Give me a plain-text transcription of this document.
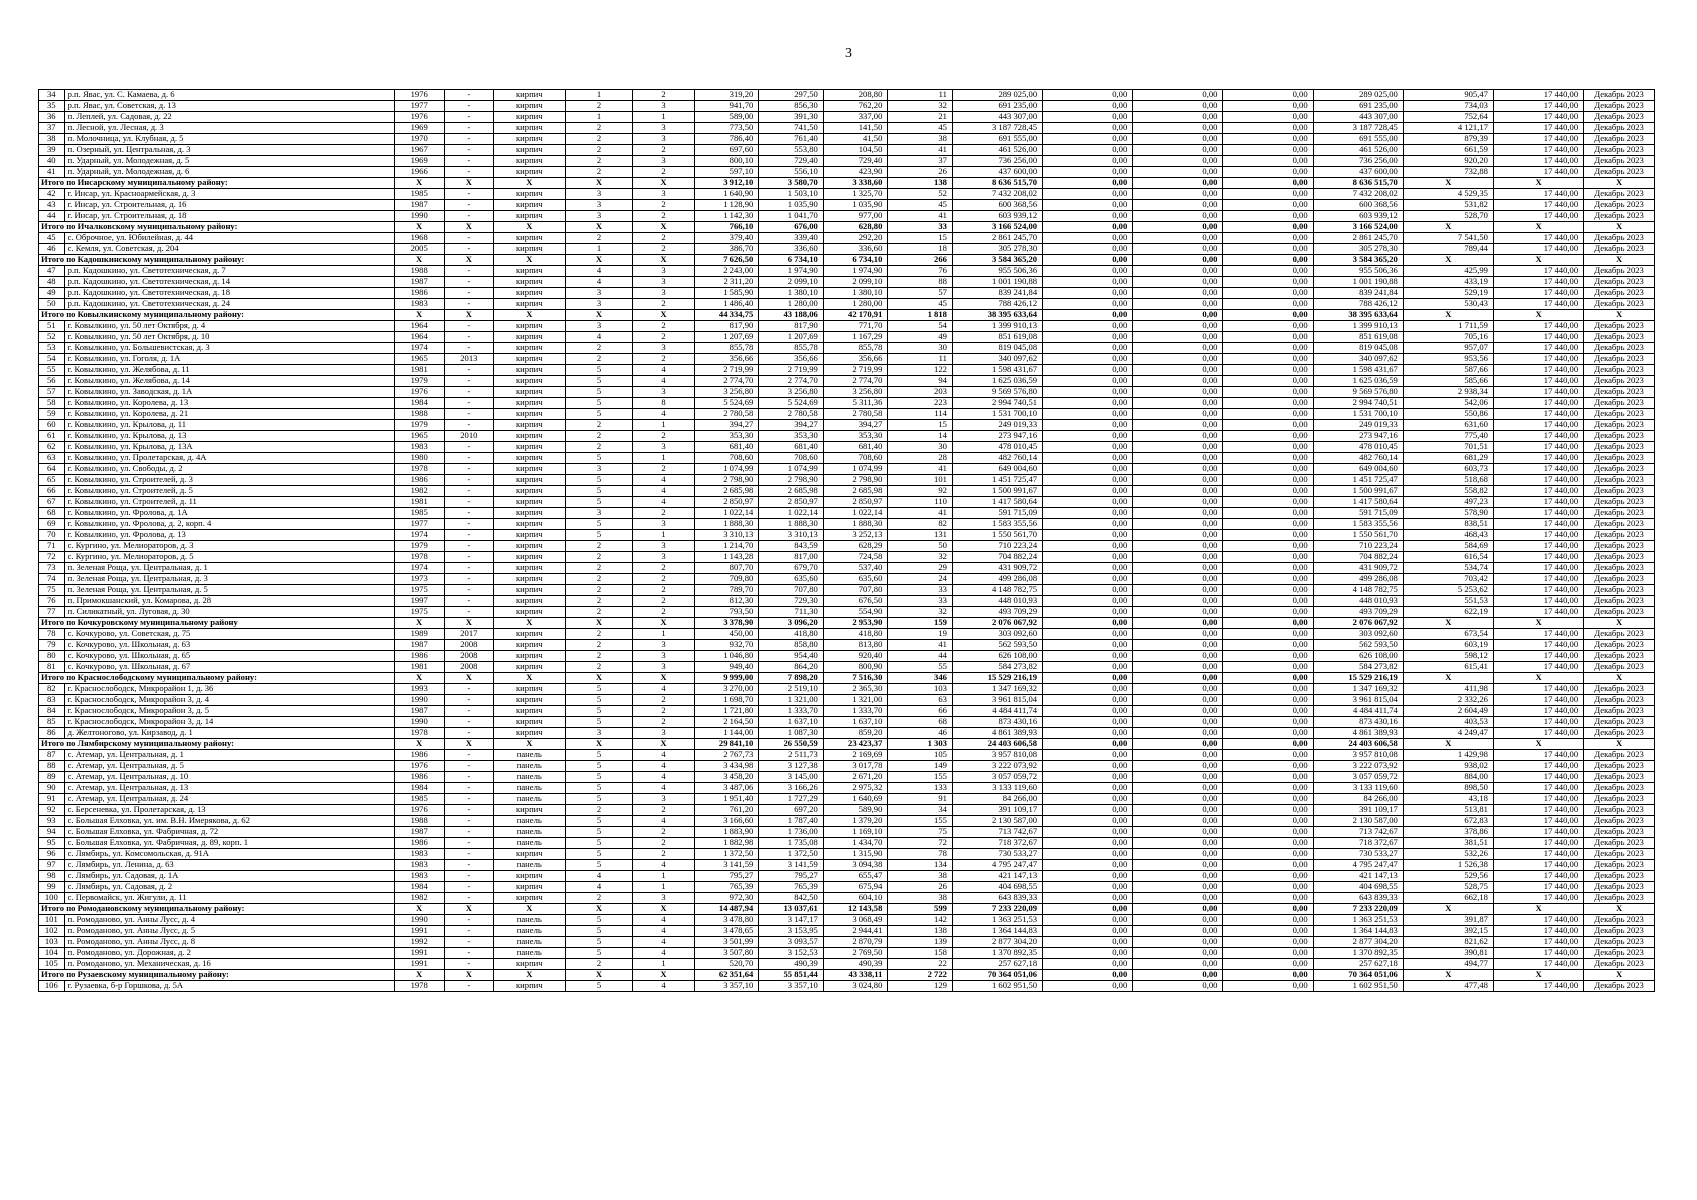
3
34	р.п. Явас, ул. С. Камаева, д. 6	1976	-	кирпич	1	2	319,20	297,50	208,80	11	289 025,00	0,00	0,00	0,00	289 025,00	905,47	17 440,00	Декабрь 2023
35	р.п. Явас, ул. Советская, д. 13	1977	-	кирпич	2	3	941,70	856,30	762,20	32	691 235,00	0,00	0,00	0,00	691 235,00	734,03	17 440,00	Декабрь 2023
36	п. Леплей, ул. Садовая, д. 22	1976	-	кирпич	1	1	589,00	391,30	337,00	21	443 307,00	0,00	0,00	0,00	443 307,00	752,64	17 440,00	Декабрь 2023
37	п. Лесной, ул. Лесная, д. 3	1969	-	кирпич	2	3	773,50	741,50	141,50	45	3 187 728,45	0,00	0,00	0,00	3 187 728,45	4 121,17	17 440,00	Декабрь 2023
38	п. Молочница, ул. Клубная, д. 5	1970	-	кирпич	2	3	786,40	761,40	41,50	38	691 555,00	0,00	0,00	0,00	691 555,00	879,39	17 440,00	Декабрь 2023
39	п. Озерный, ул. Центральная, д. 3	1967	-	кирпич	2	2	697,60	553,80	104,50	41	461 526,00	0,00	0,00	0,00	461 526,00	661,59	17 440,00	Декабрь 2023
40	п. Ударный, ул. Молодежная, д. 5	1969	-	кирпич	2	3	800,10	729,40	729,40	37	736 256,00	0,00	0,00	0,00	736 256,00	920,20	17 440,00	Декабрь 2023
41	п. Ударный, ул. Молодежная, д. 6	1966	-	кирпич	2	2	597,10	556,10	423,90	26	437 600,00	0,00	0,00	0,00	437 600,00	732,88	17 440,00	Декабрь 2023
Итого по Инсарскому муниципальному району:		Х	Х	Х	Х	Х	3 912,10	3 580,70	3 338,60	138	8 636 515,70	0,00	0,00	0,00	8 636 515,70	Х	Х	Х
42	г. Инсар, ул. Красноармейская, д. 3	1985	-	кирпич	3	3	1 640,90	1 503,10	1 325,70	52	7 432 208,02	0,00	0,00	0,00	7 432 208,02	4 529,35	17 440,00	Декабрь 2023
43	г. Инсар, ул. Строительная, д. 16	1987	-	кирпич	3	2	1 128,90	1 035,90	1 035,90	45	600 368,56	0,00	0,00	0,00	600 368,56	531,82	17 440,00	Декабрь 2023
44	г. Инсар, ул. Строительная, д. 18	1990	-	кирпич	3	2	1 142,30	1 041,70	977,00	41	603 939,12	0,00	0,00	0,00	603 939,12	528,70	17 440,00	Декабрь 2023
Итого по Ичалковскому муниципальному району:		Х	Х	Х	Х	Х	766,10	676,00	628,80	33	3 166 524,00	0,00	0,00	0,00	3 166 524,00	Х	Х	Х
45	с. Оброчное, ул. Юбилейная, д. 44	1968	-	кирпич	2	2	379,40	339,40	292,20	15	2 861 245,70	0,00	0,00	0,00	2 861 245,70	7 541,50	17 440,00	Декабрь 2023
46	с. Кемля, ул. Советская, д. 204	2005	-	кирпич	1	2	386,70	336,60	336,60	18	305 278,30	0,00	0,00	0,00	305 278,30	789,44	17 440,00	Декабрь 2023
Итого по Кадошкинскому муниципальному району:		Х	Х	Х	Х	Х	7 626,50	6 734,10	6 734,10	266	3 584 365,20	0,00	0,00	0,00	3 584 365,20	Х	Х	Х
47	р.п. Кадошкино, ул. Светотехническая, д. 7	1988	-	кирпич	4	3	2 243,00	1 974,90	1 974,90	76	955 506,36	0,00	0,00	0,00	955 506,36	425,99	17 440,00	Декабрь 2023
48	р.п. Кадошкино, ул. Светотехническая, д. 14	1987	-	кирпич	4	3	2 311,20	2 099,10	2 099,10	88	1 001 190,88	0,00	0,00	0,00	1 001 190,88	433,19	17 440,00	Декабрь 2023
49	р.п. Кадошкино, ул. Светотехническая, д. 18	1986	-	кирпич	3	3	1 585,90	1 380,10	1 380,10	57	839 241,84	0,00	0,00	0,00	839 241,84	529,19	17 440,00	Декабрь 2023
50	р.п. Кадошкино, ул. Светотехническая, д. 24	1983	-	кирпич	3	2	1 486,40	1 280,00	1 280,00	45	788 426,12	0,00	0,00	0,00	788 426,12	530,43	17 440,00	Декабрь 2023
Итого по Ковылкинскому муниципальному району:		Х	Х	Х	Х	Х	44 334,75	43 188,06	42 170,91	1 818	38 395 633,64	0,00	0,00	0,00	38 395 633,64	Х	Х	Х
51	г. Ковылкино, ул. 50 лет Октября, д. 4	1964	-	кирпич	3	2	817,90	817,90	771,70	54	1 399 910,13	0,00	0,00	0,00	1 399 910,13	1 711,59	17 440,00	Декабрь 2023
52	г. Ковылкино, ул. 50 лет Октября, д. 10	1964	-	кирпич	4	2	1 207,69	1 207,69	1 167,29	49	851 619,08	0,00	0,00	0,00	851 619,08	705,16	17 440,00	Декабрь 2023
53	г. Ковылкино, ул. Большевистская, д. 3	1974	-	кирпич	2	3	855,78	855,78	855,78	30	819 045,08	0,00	0,00	0,00	819 045,08	957,07	17 440,00	Декабрь 2023
54	г. Ковылкино, ул. Гоголя, д. 1А	1965	2013	кирпич	2	2	356,66	356,66	356,66	11	340 097,62	0,00	0,00	0,00	340 097,62	953,56	17 440,00	Декабрь 2023
55	г. Ковылкино, ул. Желябова, д. 11	1981	-	кирпич	5	4	2 719,99	2 719,99	2 719,99	122	1 598 431,67	0,00	0,00	0,00	1 598 431,67	587,66	17 440,00	Декабрь 2023
56	г. Ковылкино, ул. Желябова, д. 14	1979	-	кирпич	5	4	2 774,70	2 774,70	2 774,70	94	1 625 036,59	0,00	0,00	0,00	1 625 036,59	585,66	17 440,00	Декабрь 2023
57	г. Ковылкино, ул. Заводская, д. 1А	1976	-	кирпич	5	3	3 256,80	3 256,80	3 256,80	203	9 569 576,80	0,00	0,00	0,00	9 569 576,80	2 938,34	17 440,00	Декабрь 2023
58	г. Ковылкино, ул. Королева, д. 13	1984	-	кирпич	5	8	5 524,69	5 524,69	5 311,36	223	2 994 740,51	0,00	0,00	0,00	2 994 740,51	542,06	17 440,00	Декабрь 2023
59	г. Ковылкино, ул. Королева, д. 21	1988	-	кирпич	5	4	2 780,58	2 780,58	2 780,58	114	1 531 700,10	0,00	0,00	0,00	1 531 700,10	550,86	17 440,00	Декабрь 2023
60	г. Ковылкино, ул. Крылова, д. 11	1979	-	кирпич	2	1	394,27	394,27	394,27	15	249 019,33	0,00	0,00	0,00	249 019,33	631,60	17 440,00	Декабрь 2023
61	г. Ковылкино, ул. Крылова, д. 13	1965	2010	кирпич	2	2	353,30	353,30	353,30	14	273 947,16	0,00	0,00	0,00	273 947,16	775,40	17 440,00	Декабрь 2023
62	г. Ковылкино, ул. Крылова, д. 13А	1983	-	кирпич	2	3	681,40	681,40	681,40	30	478 010,45	0,00	0,00	0,00	478 010,45	701,51	17 440,00	Декабрь 2023
63	г. Ковылкино, ул. Пролетарская, д. 4А	1980	-	кирпич	5	1	708,60	708,60	708,60	28	482 760,14	0,00	0,00	0,00	482 760,14	681,29	17 440,00	Декабрь 2023
64	г. Ковылкино, ул. Свободы, д. 2	1978	-	кирпич	3	2	1 074,99	1 074,99	1 074,99	41	649 004,60	0,00	0,00	0,00	649 004,60	603,73	17 440,00	Декабрь 2023
65	г. Ковылкино, ул. Строителей, д. 3	1986	-	кирпич	5	4	2 798,90	2 798,90	2 798,90	101	1 451 725,47	0,00	0,00	0,00	1 451 725,47	518,68	17 440,00	Декабрь 2023
66	г. Ковылкино, ул. Строителей, д. 5	1982	-	кирпич	5	4	2 685,98	2 685,98	2 685,98	92	1 500 991,67	0,00	0,00	0,00	1 500 991,67	558,82	17 440,00	Декабрь 2023
67	г. Ковылкино, ул. Строителей, д. 11	1981	-	кирпич	5	4	2 850,97	2 850,97	2 850,97	110	1 417 580,64	0,00	0,00	0,00	1 417 580,64	497,23	17 440,00	Декабрь 2023
68	г. Ковылкино, ул. Фролова, д. 1А	1985	-	кирпич	3	2	1 022,14	1 022,14	1 022,14	41	591 715,09	0,00	0,00	0,00	591 715,09	578,90	17 440,00	Декабрь 2023
69	г. Ковылкино, ул. Фролова, д. 2, корп. 4	1977	-	кирпич	5	3	1 888,30	1 888,30	1 888,30	82	1 583 355,56	0,00	0,00	0,00	1 583 355,56	838,51	17 440,00	Декабрь 2023
70	г. Ковылкино, ул. Фролова, д. 13	1974	-	кирпич	5	1	3 310,13	3 310,13	3 252,13	131	1 550 561,70	0,00	0,00	0,00	1 550 561,70	468,43	17 440,00	Декабрь 2023
71	с. Кургино, ул. Мелиораторов, д. 3	1979	-	кирпич	2	3	1 214,70	843,59	628,29	50	710 223,24	0,00	0,00	0,00	710 223,24	584,69	17 440,00	Декабрь 2023
72	с. Кургино, ул. Мелиораторов, д. 5	1978	-	кирпич	2	3	1 143,28	817,00	724,58	32	704 882,24	0,00	0,00	0,00	704 882,24	616,54	17 440,00	Декабрь 2023
73	п. Зеленая Роща, ул. Центральная, д. 1	1974	-	кирпич	2	2	807,70	679,70	537,40	29	431 909,72	0,00	0,00	0,00	431 909,72	534,74	17 440,00	Декабрь 2023
74	п. Зеленая Роща, ул. Центральная, д. 3	1973	-	кирпич	2	2	709,80	635,60	635,60	24	499 286,08	0,00	0,00	0,00	499 286,08	703,42	17 440,00	Декабрь 2023
75	п. Зеленая Роща, ул. Центральная, д. 5	1975	-	кирпич	2	2	789,70	707,80	707,80	33	4 148 782,75	0,00	0,00	0,00	4 148 782,75	5 253,62	17 440,00	Декабрь 2023
76	п. Примокшанский, ул. Комарова, д. 28	1997	-	кирпич	2	2	812,30	729,30	676,50	33	448 010,93	0,00	0,00	0,00	448 010,93	551,53	17 440,00	Декабрь 2023
77	п. Силикатный, ул. Луговая, д. 30	1975	-	кирпич	2	2	793,50	711,30	554,90	32	493 709,29	0,00	0,00	0,00	493 709,29	622,19	17 440,00	Декабрь 2023
Итого по Кочкуровскому муниципальному району		Х	Х	Х	Х	Х	3 378,90	3 096,20	2 953,90	159	2 076 067,92	0,00	0,00	0,00	2 076 067,92	Х	Х	Х
78	с. Кочкурово, ул. Советская, д. 75	1989	2017	кирпич	2	1	450,00	418,80	418,80	19	303 092,60	0,00	0,00	0,00	303 092,60	673,54	17 440,00	Декабрь 2023
79	с. Кочкурово, ул. Школьная, д. 63	1987	2008	кирпич	2	3	932,70	858,80	813,80	41	562 593,50	0,00	0,00	0,00	562 593,50	603,19	17 440,00	Декабрь 2023
80	с. Кочкурово, ул. Школьная, д. 65	1986	2008	кирпич	2	3	1 046,80	954,40	920,40	44	626 108,00	0,00	0,00	0,00	626 108,00	598,12	17 440,00	Декабрь 2023
81	с. Кочкурово, ул. Школьная, д. 67	1981	2008	кирпич	2	3	949,40	864,20	800,90	55	584 273,82	0,00	0,00	0,00	584 273,82	615,41	17 440,00	Декабрь 2023
Итого по Краснослободскому муниципальному району:		Х	Х	Х	Х	Х	9 999,00	7 898,20	7 516,30	346	15 529 216,19	0,00	0,00	0,00	15 529 216,19	Х	Х	Х
82	г. Краснослободск, Микрорайон 1, д. 36	1993	-	кирпич	5	4	3 270,00	2 519,10	2 365,30	103	1 347 169,32	0,00	0,00	0,00	1 347 169,32	411,98	17 440,00	Декабрь 2023
83	г. Краснослободск, Микрорайон 3, д. 4	1990	-	кирпич	5	2	1 698,70	1 321,00	1 321,00	63	3 961 815,04	0,00	0,00	0,00	3 961 815,04	2 332,26	17 440,00	Декабрь 2023
84	г. Краснослободск, Микрорайон 3, д. 5	1987	-	кирпич	5	2	1 721,80	1 333,70	1 333,70	66	4 484 411,74	0,00	0,00	0,00	4 484 411,74	2 604,49	17 440,00	Декабрь 2023
85	г. Краснослободск, Микрорайон 3, д. 14	1990	-	кирпич	5	2	2 164,50	1 637,10	1 637,10	68	873 430,16	0,00	0,00	0,00	873 430,16	403,53	17 440,00	Декабрь 2023
86	д. Желтоногово, ул. Кирзавод, д. 1	1978	-	кирпич	3	3	1 144,00	1 087,30	859,20	46	4 861 389,93	0,00	0,00	0,00	4 861 389,93	4 249,47	17 440,00	Декабрь 2023
Итого по Лямбирскому муниципальному району:		Х	Х	Х	Х	Х	29 841,10	26 550,59	23 423,37	1 303	24 403 606,58	0,00	0,00	0,00	24 403 606,58	Х	Х	Х
87	с. Атемар, ул. Центральная, д. 1	1986	-	панель	5	4	2 767,73	2 511,73	2 169,69	105	3 957 810,08	0,00	0,00	0,00	3 957 810,08	1 429,98	17 440,00	Декабрь 2023
88	с. Атемар, ул. Центральная, д. 5	1976	-	панель	5	4	3 434,98	3 127,38	3 017,78	149	3 222 073,92	0,00	0,00	0,00	3 222 073,92	938,02	17 440,00	Декабрь 2023
89	с. Атемар, ул. Центральная, д. 10	1986	-	панель	5	4	3 458,20	3 145,00	2 671,20	155	3 057 059,72	0,00	0,00	0,00	3 057 059,72	884,00	17 440,00	Декабрь 2023
90	с. Атемар, ул. Центральная, д. 13	1984	-	панель	5	4	3 487,06	3 166,26	2 975,32	133	3 133 119,60	0,00	0,00	0,00	3 133 119,60	898,50	17 440,00	Декабрь 2023
91	с. Атемар, ул. Центральная, д. 24	1985	-	панель	5	3	1 951,40	1 727,29	1 640,69	91	84 266,00	0,00	0,00	0,00	84 266,00	43,18	17 440,00	Декабрь 2023
92	с. Берсеневка, ул. Пролетарская, д. 13	1976	-	кирпич	2	2	761,20	697,20	589,90	34	391 109,17	0,00	0,00	0,00	391 109,17	513,81	17 440,00	Декабрь 2023
93	с. Большая Елховка, ул. им. В.Н. Имерякова, д. 62	1988	-	панель	5	4	3 166,60	1 787,40	1 379,20	155	2 130 587,00	0,00	0,00	0,00	2 130 587,00	672,83	17 440,00	Декабрь 2023
94	с. Большая Елховка, ул. Фабричная, д. 72	1987	-	панель	5	2	1 883,90	1 736,00	1 169,10	75	713 742,67	0,00	0,00	0,00	713 742,67	378,86	17 440,00	Декабрь 2023
95	с. Большая Елховка, ул. Фабричная, д. 89, корп. 1	1986	-	панель	5	2	1 882,98	1 735,08	1 434,70	72	718 372,67	0,00	0,00	0,00	718 372,67	381,51	17 440,00	Декабрь 2023
96	с. Лямбирь, ул. Комсомольская, д. 91А	1983	-	кирпич	5	2	1 372,50	1 372,50	1 315,90	78	730 533,27	0,00	0,00	0,00	730 533,27	532,26	17 440,00	Декабрь 2023
97	с. Лямбирь, ул. Ленина, д. 63	1983	-	панель	5	4	3 141,59	3 141,59	3 094,38	134	4 795 247,47	0,00	0,00	0,00	4 795 247,47	1 526,38	17 440,00	Декабрь 2023
98	с. Лямбирь, ул. Садовая, д. 1А	1983	-	кирпич	4	1	795,27	795,27	655,47	38	421 147,13	0,00	0,00	0,00	421 147,13	529,56	17 440,00	Декабрь 2023
99	с. Лямбирь, ул. Садовая, д. 2	1984	-	кирпич	4	1	765,39	765,39	675,94	26	404 698,55	0,00	0,00	0,00	404 698,55	528,75	17 440,00	Декабрь 2023
100	с. Первомайск, ул. Жигули, д. 11	1982	-	кирпич	2	3	972,30	842,50	604,10	38	643 839,33	0,00	0,00	0,00	643 839,33	662,18	17 440,00	Декабрь 2023
Итого по Ромодановскому муниципальному району:		Х	Х	Х	Х	Х	14 487,94	13 037,61	12 143,58	599	7 233 220,09	0,00	0,00	0,00	7 233 220,09	Х	Х	Х
101	п. Ромоданово, ул. Анны Лусс, д. 4	1990	-	панель	5	4	3 478,80	3 147,17	3 068,49	142	1 363 251,53	0,00	0,00	0,00	1 363 251,53	391,87	17 440,00	Декабрь 2023
102	п. Ромоданово, ул. Анны Лусс, д. 5	1991	-	панель	5	4	3 478,65	3 153,95	2 944,41	138	1 364 144,83	0,00	0,00	0,00	1 364 144,83	392,15	17 440,00	Декабрь 2023
103	п. Ромоданово, ул. Анны Лусс, д. 8	1992	-	панель	5	4	3 501,99	3 093,57	2 870,79	139	2 877 304,20	0,00	0,00	0,00	2 877 304,20	821,62	17 440,00	Декабрь 2023
104	п. Ромоданово, ул. Дорожная, д. 2	1991	-	панель	5	4	3 507,80	3 152,53	2 769,50	158	1 370 892,35	0,00	0,00	0,00	1 370 892,35	390,81	17 440,00	Декабрь 2023
105	п. Ромоданово, ул. Механическая, д. 16	1991	-	кирпич	2	1	520,70	490,39	490,39	22	257 627,18	0,00	0,00	0,00	257 627,18	494,77	17 440,00	Декабрь 2023
Итого по Рузаевскому муниципальному району:		Х	Х	Х	Х	Х	62 351,64	55 851,44	43 338,11	2 722	70 364 051,06	0,00	0,00	0,00	70 364 051,06	Х	Х	Х
106	г. Рузаевка, б-р Горшкова, д. 5А	1978	-	кирпич	5	4	3 357,10	3 357,10	3 024,80	129	1 602 951,50	0,00	0,00	0,00	1 602 951,50	477,48	17 440,00	Декабрь 2023
